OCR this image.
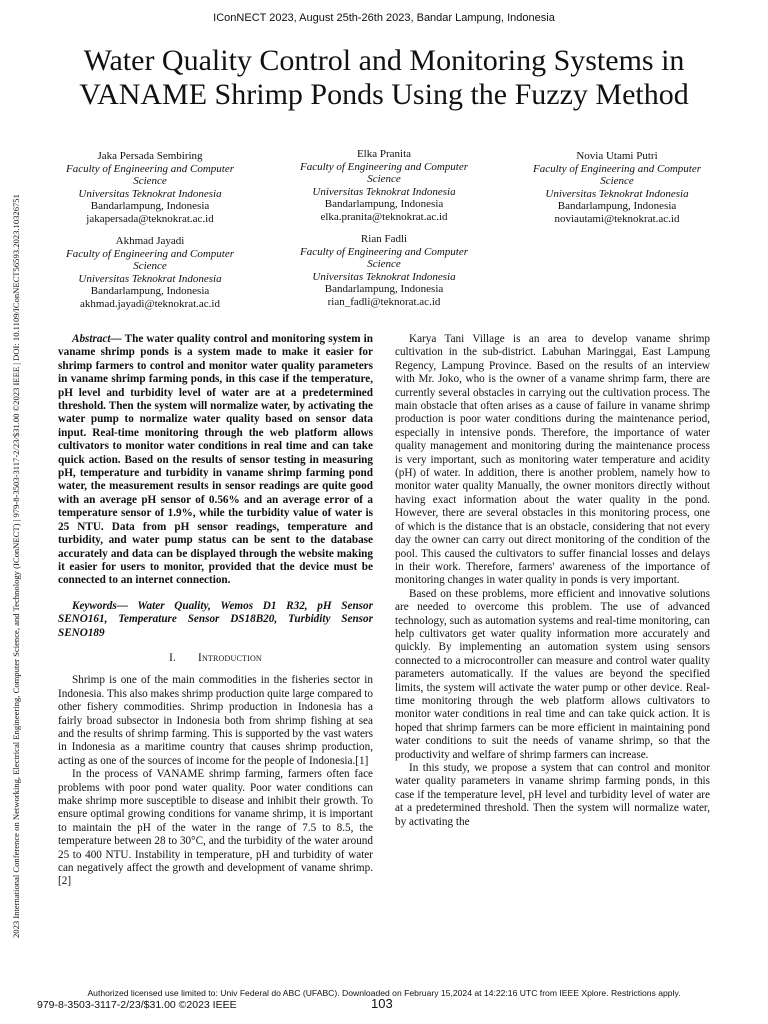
IConNECT 2023, August 25th-26th 2023, Bandar Lampung, Indonesia
Water Quality Control and Monitoring Systems in
VANAME Shrimp Ponds Using the Fuzzy Method
Jaka Persada Sembiring
Faculty of Engineering and Computer
Science
Universitas Teknokrat Indonesia
Bandarlampung, Indonesia
jakapersada@teknokrat.ac.id
Elka Pranita
Faculty of Engineering and Computer
Science
Universitas Teknokrat Indonesia
Bandarlampung, Indonesia
elka.pranita@teknokrat.ac.id
Novia Utami Putri
Faculty of Engineering and Computer
Science
Universitas Teknokrat Indonesia
Bandarlampung, Indonesia
noviautami@teknokrat.ac.id
Akhmad Jayadi
Faculty of Engineering and Computer
Science
Universitas Teknokrat Indonesia
Bandarlampung, Indonesia
akhmad.jayadi@teknokrat.ac.id
Rian Fadli
Faculty of Engineering and Computer
Science
Universitas Teknokrat Indonesia
Bandarlampung, Indonesia
rian_fadli@teknorat.ac.id
2023 International Conference on Networking, Electrical Engineering, Computer Science, and Technology (IConNECT) | 979-8-3503-3117-2/23/$31.00 ©2023 IEEE | DOI: 10.1109/IConNECT56593.2023.10326751	Abstract— The water quality control and monitoring system in vaname shrimp ponds is a system made to make it easier for shrimp farmers to control and monitor water quality parameters in vaname shrimp farming ponds, in this case if the temperature, pH level and turbidity level of water are at a predetermined threshold. Then the system will normalize water, by activating the water pump to normalize water quality based on sensor data input. Real-time monitoring through the web platform allows cultivators to monitor water conditions in real time and can take quick action. Based on the results of sensor testing in measuring pH, temperature and turbidity in vaname shrimp farming pond water, the measurement results in sensor readings are quite good with an average pH sensor of 0.56% and an average error of a temperature sensor of 1.9%, while the turbidity value of water is 25 NTU. Data from pH sensor readings, temperature and turbidity, and water pump status can be sent to the database accurately and data can be displayed through the website making it easier for users to monitor, provided that the device must be connected to an internet connection.

Keywords— Water Quality, Wemos D1 R32, pH Sensor SENO161, Temperature Sensor DS18B20, Turbidity Sensor SENO189

I. Introduction

Shrimp is one of the main commodities in the fisheries sector in Indonesia. This also makes shrimp production quite large compared to other fishery commodities. Shrimp production in Indonesia has a fairly broad subsector in Indonesia both from shrimp fishing at sea and the results of shrimp farming. This is supported by the vast waters in Indonesia as a maritime country that causes shrimp production, acting as one of the sources of income for the people of Indonesia.[1]

In the process of VANAME shrimp farming, farmers often face problems with poor pond water quality. Poor water conditions can make shrimp more susceptible to disease and inhibit their growth. To ensure optimal growing conditions for vaname shrimp, it is important to maintain the pH of the water in the range of 7.5 to 8.5, the temperature between 28 to 30°C, and the turbidity of the water around 25 to 400 NTU. Instability in temperature, pH and turbidity of water can negatively affect the growth and development of vaname shrimp. [2]

Karya Tani Village is an area to develop vaname shrimp cultivation in the sub-district. Labuhan Maringgai, East Lampung Regency, Lampung Province. Based on the results of an interview with Mr. Joko, who is the owner of a vaname shrimp farm, there are currently several obstacles in carrying out the cultivation process. The main obstacle that often arises as a cause of failure in vaname shrimp production is poor water conditions during the maintenance period, especially in intensive ponds. Therefore, the importance of water quality management and monitoring during the maintenance process is very important, such as monitoring water temperature and acidity (pH) of water. In addition, there is another problem, namely how to monitor water quality Manually, the owner monitors directly without having exact information about the water quality in the pond. However, there are several obstacles in this monitoring process, one of which is the distance that is an obstacle, considering that not every day the owner can carry out direct monitoring of the condition of the pool. This caused the cultivators to suffer financial losses and delays in their work. Therefore, farmers' awareness of the importance of monitoring changes in water quality in ponds is very important.

Based on these problems, more efficient and innovative solutions are needed to overcome this problem. The use of advanced technology, such as automation systems and real-time monitoring, can help cultivators get water quality information more accurately and quickly. By implementing an automation system using sensors connected to a microcontroller can measure and control water quality parameters automatically. If the values are beyond the specified limits, the system will activate the water pump or other device. Real-time monitoring through the web platform allows cultivators to monitor water conditions in real time and can take quick action. It is hoped that shrimp farmers can be more efficient in maintaining pond water conditions to suit the needs of vaname shrimp, so that the productivity and welfare of shrimp farmers can increase.

In this study, we propose a system that can control and monitor water quality parameters in vaname shrimp farming ponds, in this case if the temperature level, pH level and turbidity level of water are at a predetermined threshold. Then the system will normalize water, by activating the

Authorized licensed use limited to: Univ Federal do ABC (UFABC). Downloaded on February 15,2024 at 14:22:16 UTC from IEEE Xplore. Restrictions apply.
979-8-3503-3117-2/23/$31.00 ©2023 IEEE	103
